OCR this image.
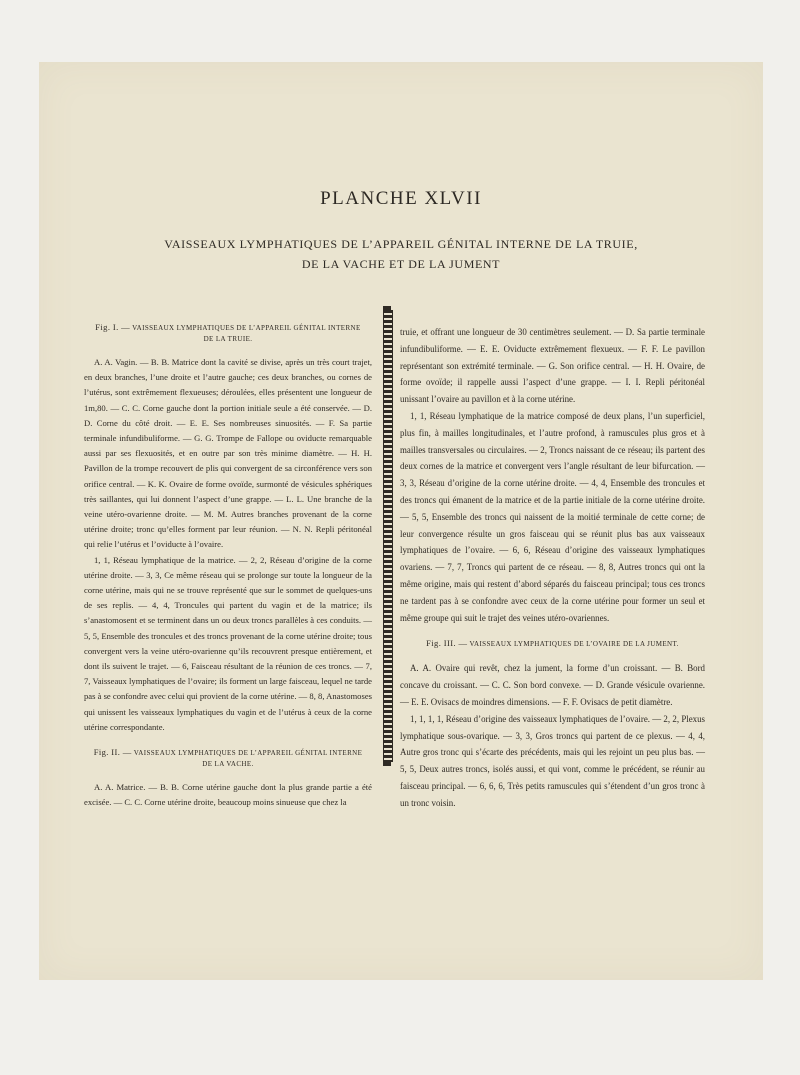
PLANCHE XLVII
VAISSEAUX LYMPHATIQUES DE L’APPAREIL GÉNITAL INTERNE DE LA TRUIE, DE LA VACHE ET DE LA JUMENT
Fig. I. — VAISSEAUX LYMPHATIQUES DE L’APPAREIL GÉNITAL INTERNE
DE LA TRUIE.

A. A. Vagin. — B. B. Matrice dont la cavité se divise, après un très court trajet, en deux branches, l’une droite et l’autre gauche; ces deux branches, ou cornes de l’utérus, sont extrêmement flexueuses; déroulées, elles présentent une longueur de 1m,80. — C. C. Corne gauche dont la portion initiale seule a été conservée. — D. D. Corne du côté droit. — E. E. Ses nombreuses sinuosités. — F. Sa partie terminale infundibuliforme. — G. G. Trompe de Fallope ou oviducte remarquable aussi par ses flexuosités, et en outre par son très minime diamètre. — H. H. Pavillon de la trompe recouvert de plis qui convergent de sa circonférence vers son orifice central. — K. K. Ovaire de forme ovoïde, surmonté de vésicules sphériques très saillantes, qui lui donnent l’aspect d’une grappe. — L. L. Une branche de la veine utéro-ovarienne droite. — M. M. Autres branches provenant de la corne utérine droite; tronc qu’elles forment par leur réunion. — N. N. Repli péritonéal qui relie l’utérus et l’oviducte à l’ovaire.

1, 1, Réseau lymphatique de la matrice. — 2, 2, Réseau d’origine de la corne utérine droite. — 3, 3, Ce même réseau qui se prolonge sur toute la longueur de la corne utérine, mais qui ne se trouve représenté que sur le sommet de quelques-uns de ses replis. — 4, 4, Troncules qui partent du vagin et de la matrice; ils s’anastomosent et se terminent dans un ou deux troncs parallèles à ces conduits. — 5, 5, Ensemble des troncules et des troncs provenant de la corne utérine droite; tous convergent vers la veine utéro-ovarienne qu’ils recouvrent presque entièrement, et dont ils suivent le trajet. — 6, Faisceau résultant de la réunion de ces troncs. — 7, 7, Vaisseaux lymphatiques de l’ovaire; ils forment un large faisceau, lequel ne tarde pas à se confondre avec celui qui provient de la corne utérine. — 8, 8, Anastomoses qui unissent les vaisseaux lymphatiques du vagin et de l’utérus à ceux de la corne utérine correspondante.

Fig. II. — VAISSEAUX LYMPHATIQUES DE L’APPAREIL GÉNITAL INTERNE
DE LA VACHE.

A. A. Matrice. — B. B. Corne utérine gauche dont la plus grande partie a été excisée. — C. C. Corne utérine droite, beaucoup moins sinueuse que chez la

truie, et offrant une longueur de 30 centimètres seulement. — D. Sa partie terminale infundibuliforme. — E. E. Oviducte extrêmement flexueux. — F. F. Le pavillon représentant son extrémité terminale. — G. Son orifice central. — H. H. Ovaire, de forme ovoïde; il rappelle aussi l’aspect d’une grappe. — I. I. Repli péritonéal unissant l’ovaire au pavillon et à la corne utérine.

1, 1, Réseau lymphatique de la matrice composé de deux plans, l’un superficiel, plus fin, à mailles longitudinales, et l’autre profond, à ramuscules plus gros et à mailles transversales ou circulaires. — 2, Troncs naissant de ce réseau; ils partent des deux cornes de la matrice et convergent vers l’angle résultant de leur bifurcation. — 3, 3, Réseau d’origine de la corne utérine droite. — 4, 4, Ensemble des troncules et des troncs qui émanent de la matrice et de la partie initiale de la corne utérine droite. — 5, 5, Ensemble des troncs qui naissent de la moitié terminale de cette corne; de leur convergence résulte un gros faisceau qui se réunit plus bas aux vaisseaux lymphatiques de l’ovaire. — 6, 6, Réseau d’origine des vaisseaux lymphatiques ovariens. — 7, 7, Troncs qui partent de ce réseau. — 8, 8, Autres troncs qui ont la même origine, mais qui restent d’abord séparés du faisceau principal; tous ces troncs ne tardent pas à se confondre avec ceux de la corne utérine pour former un seul et même groupe qui suit le trajet des veines utéro-ovariennes.

Fig. III. — VAISSEAUX LYMPHATIQUES DE L’OVAIRE DE LA JUMENT.

A. A. Ovaire qui revêt, chez la jument, la forme d’un croissant. — B. Bord concave du croissant. — C. C. Son bord convexe. — D. Grande vésicule ovarienne. — E. E. Ovisacs de moindres dimensions. — F. F. Ovisacs de petit diamètre.

1, 1, 1, 1, Réseau d’origine des vaisseaux lymphatiques de l’ovaire. — 2, 2, Plexus lymphatique sous-ovarique. — 3, 3, Gros troncs qui partent de ce plexus. — 4, 4, Autre gros tronc qui s’écarte des précédents, mais qui les rejoint un peu plus bas. — 5, 5, Deux autres troncs, isolés aussi, et qui vont, comme le précédent, se réunir au faisceau principal. — 6, 6, 6, Très petits ramuscules qui s’étendent d’un gros tronc à un tronc voisin.
